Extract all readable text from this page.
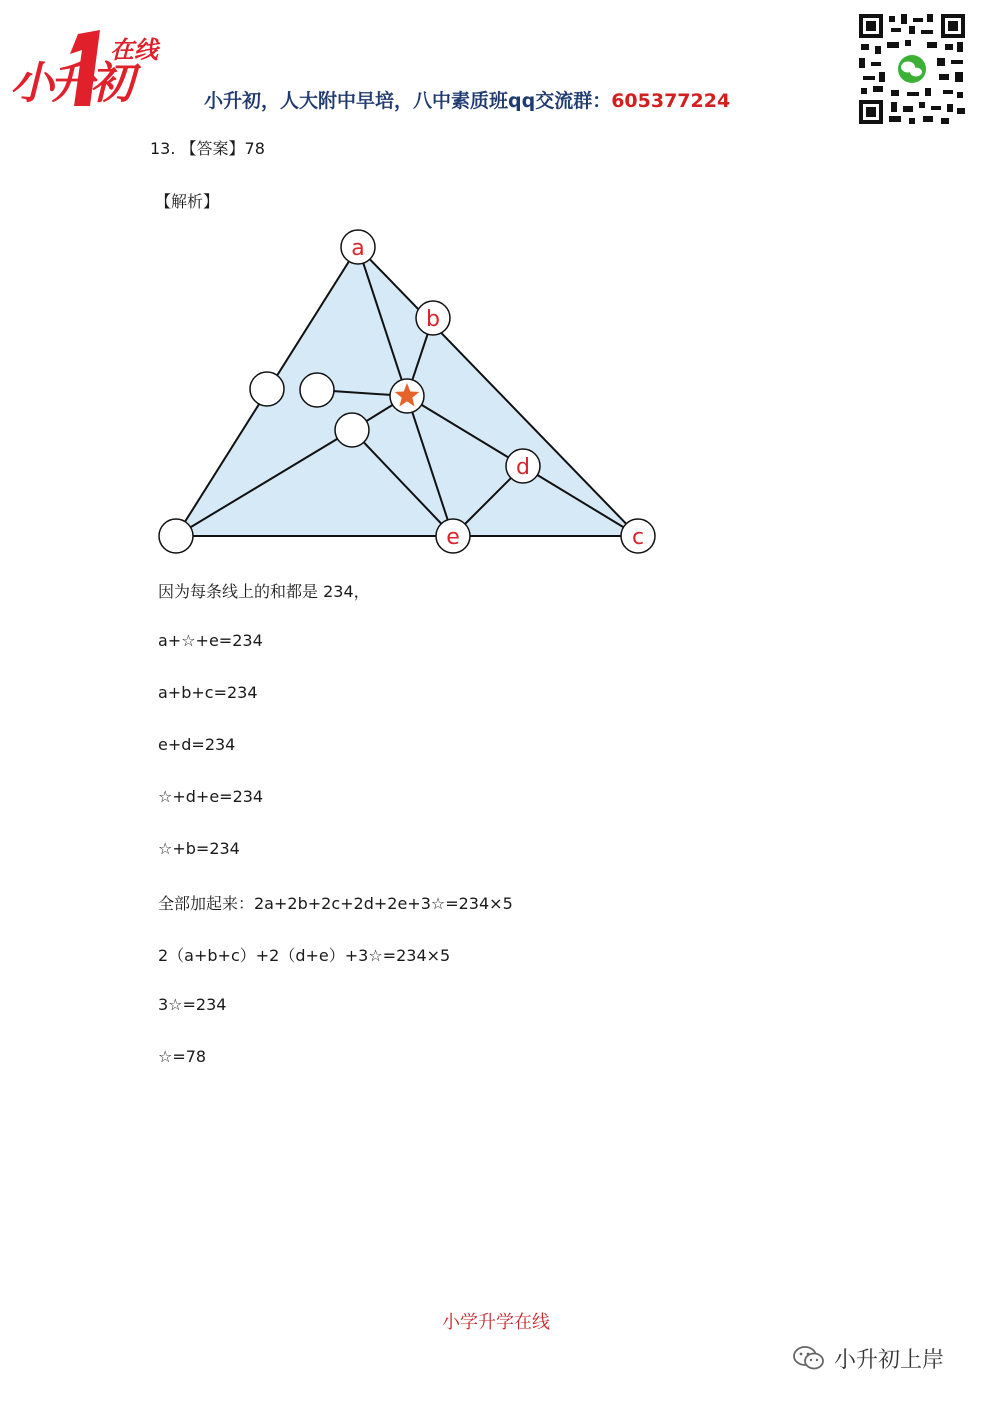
在线
小升初	小升初，人大附中早培，八中素质班qq交流群：605377224
13. 【答案】78
【解析】
a
b
d
e	c
因为每条线上的和都是 234，
a+☆+e=234
a+b+c=234
e+d=234
☆+d+e=234
☆+b=234
全部加起来：2a+2b+2c+2d+2e+3☆=234×5
2（a+b+c）+2（d+e）+3☆=234×5
3☆=234
☆=78
小学升学在线
小升初上岸
